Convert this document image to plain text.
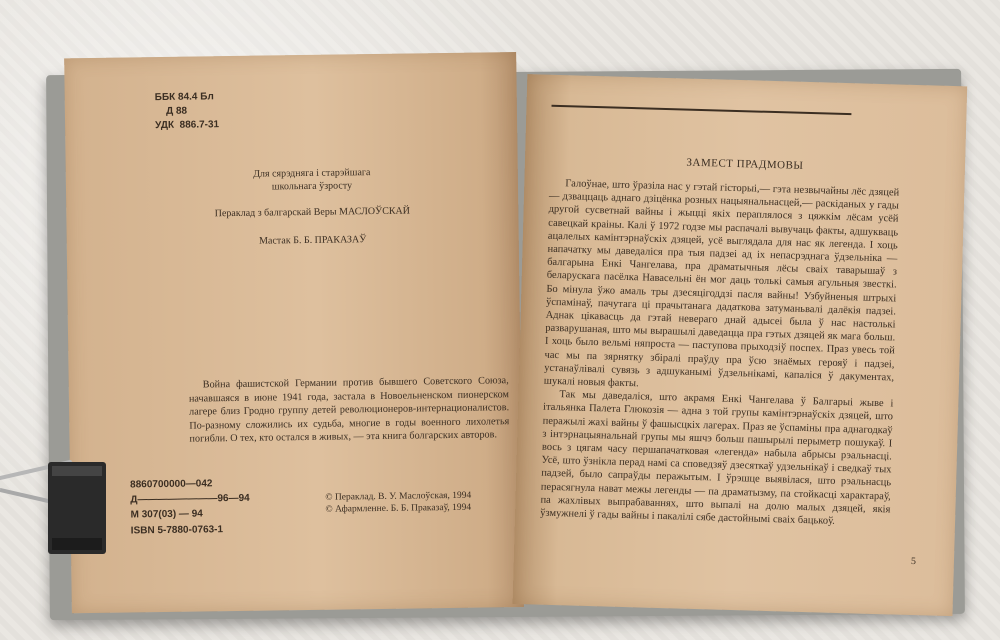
ББК 84.4 Бл
Д 88
УДК  886.7-31
Для сярэдняга і старэйшага
школьнага ўзросту
Пераклад з балгарскай Веры МАСЛОЎСКАЙ
Мастак Б. Б. ПРАКАЗАЎ
Война фашистской Германии против бывшего Советского Союза, начавшаяся в июне 1941 года, застала в Новоельненском пионерском лагере близ Гродно группу детей революционеров-интернационалистов. По-разному сложились их судьба, многие в годы военного лихолетья погибли. О тех, кто остался в живых, — эта книга болгарских авторов.
8860700000—042
Д————————96—94
М 307(03) — 94
© Пераклад. В. У. Маслоўская, 1994
© Афармленне. Б. Б. Праказаў, 1994
ISBN 5-7880-0763-1
ЗАМЕСТ ПРАДМОВЫ

Галоўнае, што ўразіла нас у гэтай гісторыі,— гэта незвычайны лёс дзяцей — дзвaццаць аднаго дзіцёнка розных нацыянальнасцей,— раскіданых у гады другой сусветнай вайны і жыцці якіх пераплялося з цяжкім лёсам усёй савецкай краіны. Калі ў 1972 годзе мы распачалі вывучаць факты, адшукваць ацалелых камінтэрнаўскіх дзяцей, усё выглядала для нас як легенда. І хоць напачатку мы даведаліся пра тыя падзеі ад іх непасрэднага ўдзельніка — балгарына Енкі Чангелава, пра драматычныя лёсы сваіх таварышаў з беларускага пасёлка Навасельні ён мог даць толькі самыя агульныя звесткі. Бо мінула ўжо амаль тры дзесяцігоддзі пасля вайны! Узбуйненыя штрыхі ўспамінаў, пачутага ці прачытанага дадаткова затуманьвалі далёкія падзеі. Аднак цікавасць да гэтай невераго днай адысеі была ў нас настолькі разварушаная, што мы вырашылі даведацца пра гэтых дзяцей як мага больш. І хоць было вельмі няпроста — паступова прыходзіў поспех. Праз увесь той час мы па зярнятку збіралі праўду пра ўсю знаёмых герояў і падзеі, устанаўлівалі сувязь з адшуканымі ўдзельнікамі, капаліся ў дакументах, шукалі новыя факты.

Так мы даведаліся, што акрамя Енкі Чангелава ў Балгарыі жыве і італьянка Палета Глюкозія — адна з той групы камінтэрнаўскіх дзяцей, што перажылі жахі вайны ў фашысцкіх лагерах. Праз яе ўспаміны пра аднагодкаў з інтэрнацыянальнай групы мы яшчэ больш пашырылі перыметр пошукаў. І вось з цягам часу першапачатковая «легенда» набыла абрысы рэальнасці. Усё, што ўзнікла перад намі са споведзяў дзесяткаў удзельнікаў і сведкаў тых падзей, было сапраўды перажытым. І ўрэшце выявілася, што рэальнасць перасягнула нават межы легенды — па драматызму, па стойкасці характараў, па жахлівых выпрабаваннях, што выпалі на долю малых дзяцей, якія ўзмужнелі ў гады вайны і пакалілі сябе дастойнымі сваіх бацькоў.

5
